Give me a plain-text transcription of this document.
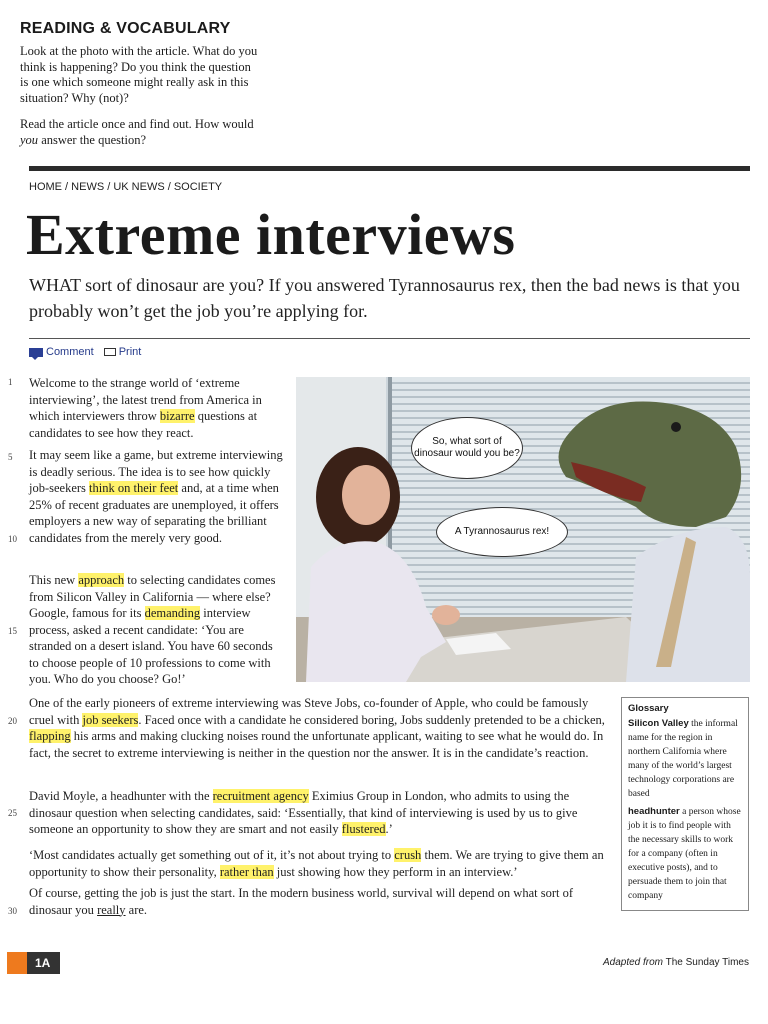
READING & VOCABULARY

Look at the photo with the article. What do you think is happening? Do you think the question is one which someone might really ask in this situation? Why (not)?

Read the article once and find out. How would you answer the question?

HOME / NEWS / UK NEWS / SOCIETY
Extreme interviews

WHAT sort of dinosaur are you? If you answered Tyrannosaurus rex, then the bad news is that you probably won’t get the job you’re applying for.

Comment Print
1
5
10
15
20
25
30

Welcome to the strange world of ‘extreme interviewing’, the latest trend from America in which interviewers throw bizarre questions at candidates to see how they react.

It may seem like a game, but extreme interviewing is deadly serious. The idea is to see how quickly job-seekers think on their feet and, at a time when 25% of recent graduates are unemployed, it offers employers a new way of separating the brilliant candidates from the merely very good.

This new approach to selecting candidates comes from Silicon Valley in California — where else? Google, famous for its demanding interview process, asked a recent candidate: ‘You are stranded on a desert island. You have 60 seconds to choose people of 10 professions to come with you. Who do you choose? Go!’

One of the early pioneers of extreme interviewing was Steve Jobs, co-founder of Apple, who could be famously cruel with job seekers. Faced once with a candidate he considered boring, Jobs suddenly pretended to be a chicken, flapping his arms and making clucking noises round the unfortunate applicant, waiting to see what he would do. In fact, the secret to extreme interviewing is neither in the question nor the answer. It is in the candidate’s reaction.

David Moyle, a headhunter with the recruitment agency Eximius Group in London, who admits to using the dinosaur question when selecting candidates, said: ‘Essentially, that kind of interviewing is used by us to give someone an opportunity to show they are smart and not easily flustered.’

‘Most candidates actually get something out of it, it’s not about trying to crush them. We are trying to give them an opportunity to show their personality, rather than just showing how they perform in an interview.’

Of course, getting the job is just the start. In the modern business world, survival will depend on what sort of dinosaur you really are.

So, what sort of dinosaur would you be?
A Tyrannosaurus rex!

Glossary

Silicon Valley the informal name for the region in northern California where many of the world’s largest technology corporations are based

headhunter a person whose job it is to find people with the necessary skills to work for a company (often in executive posts), and to persuade them to join that company

1A	Adapted from The Sunday Times
